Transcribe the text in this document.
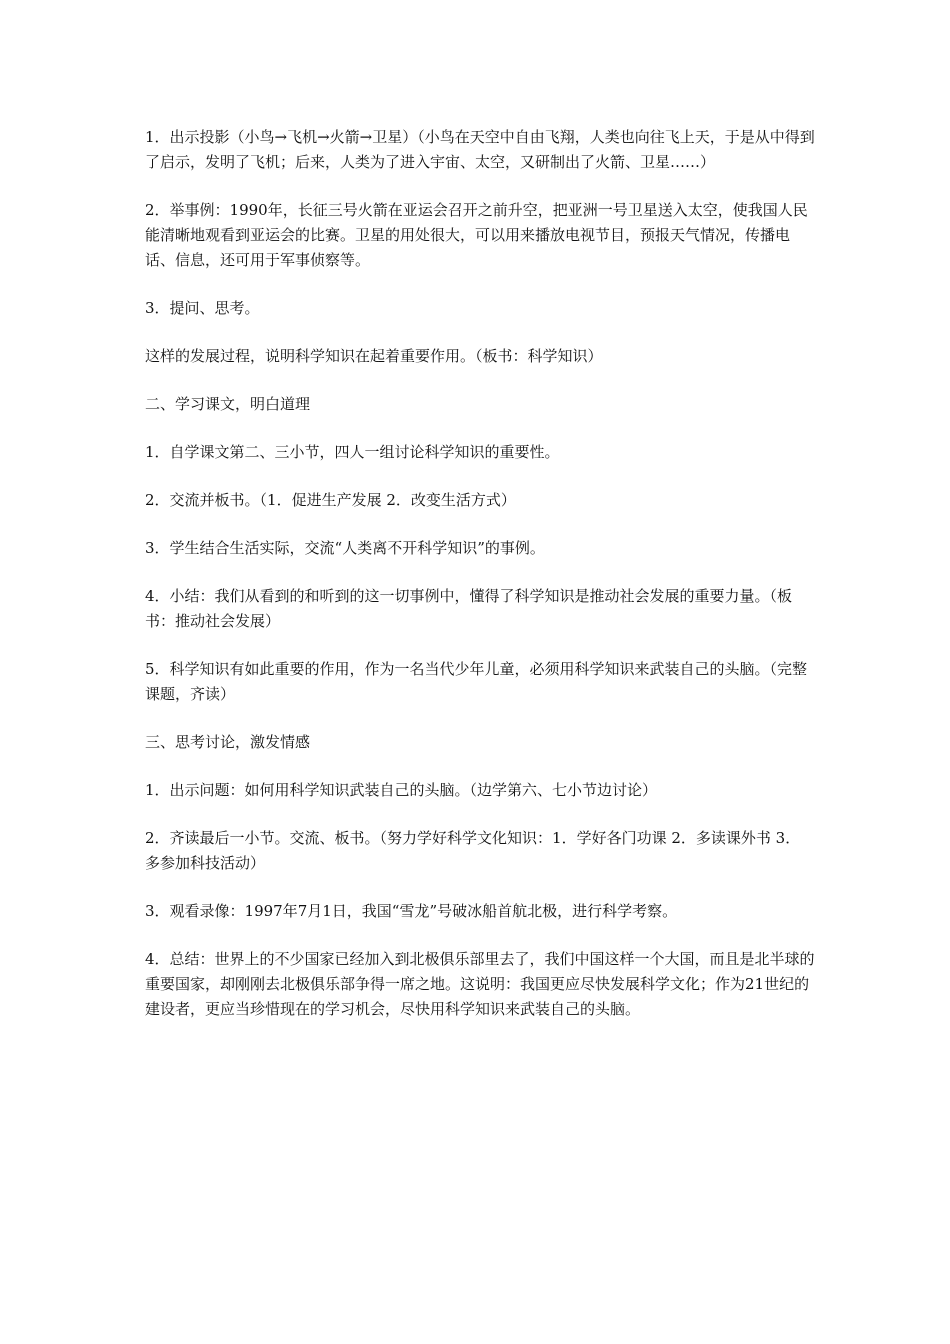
1．出示投影（小鸟→飞机→火箭→卫星）（小鸟在天空中自由飞翔，人类也向往飞上天，于是从中得到了启示，发明了飞机；后来，人类为了进入宇宙、太空，又研制出了火箭、卫星……）

2．举事例：1990年，长征三号火箭在亚运会召开之前升空，把亚洲一号卫星送入太空，使我国人民能清晰地观看到亚运会的比赛。卫星的用处很大，可以用来播放电视节目，预报天气情况，传播电话、信息，还可用于军事侦察等。

3．提问、思考。

这样的发展过程，说明科学知识在起着重要作用。（板书：科学知识）

二、学习课文，明白道理

1．自学课文第二、三小节，四人一组讨论科学知识的重要性。

2．交流并板书。（1．促进生产发展 2．改变生活方式）

3．学生结合生活实际，交流“人类离不开科学知识”的事例。

4．小结：我们从看到的和听到的这一切事例中，懂得了科学知识是推动社会发展的重要力量。（板书：推动社会发展）

5．科学知识有如此重要的作用，作为一名当代少年儿童，必须用科学知识来武装自己的头脑。（完整课题，齐读）

三、思考讨论，激发情感

1．出示问题：如何用科学知识武装自己的头脑。（边学第六、七小节边讨论）

2．齐读最后一小节。交流、板书。（努力学好科学文化知识：1．学好各门功课 2．多读课外书 3．多参加科技活动）

3．观看录像：1997年7月1日，我国“雪龙”号破冰船首航北极，进行科学考察。

4．总结：世界上的不少国家已经加入到北极俱乐部里去了，我们中国这样一个大国，而且是北半球的重要国家，却刚刚去北极俱乐部争得一席之地。这说明：我国更应尽快发展科学文化；作为21世纪的建设者，更应当珍惜现在的学习机会，尽快用科学知识来武装自己的头脑。
